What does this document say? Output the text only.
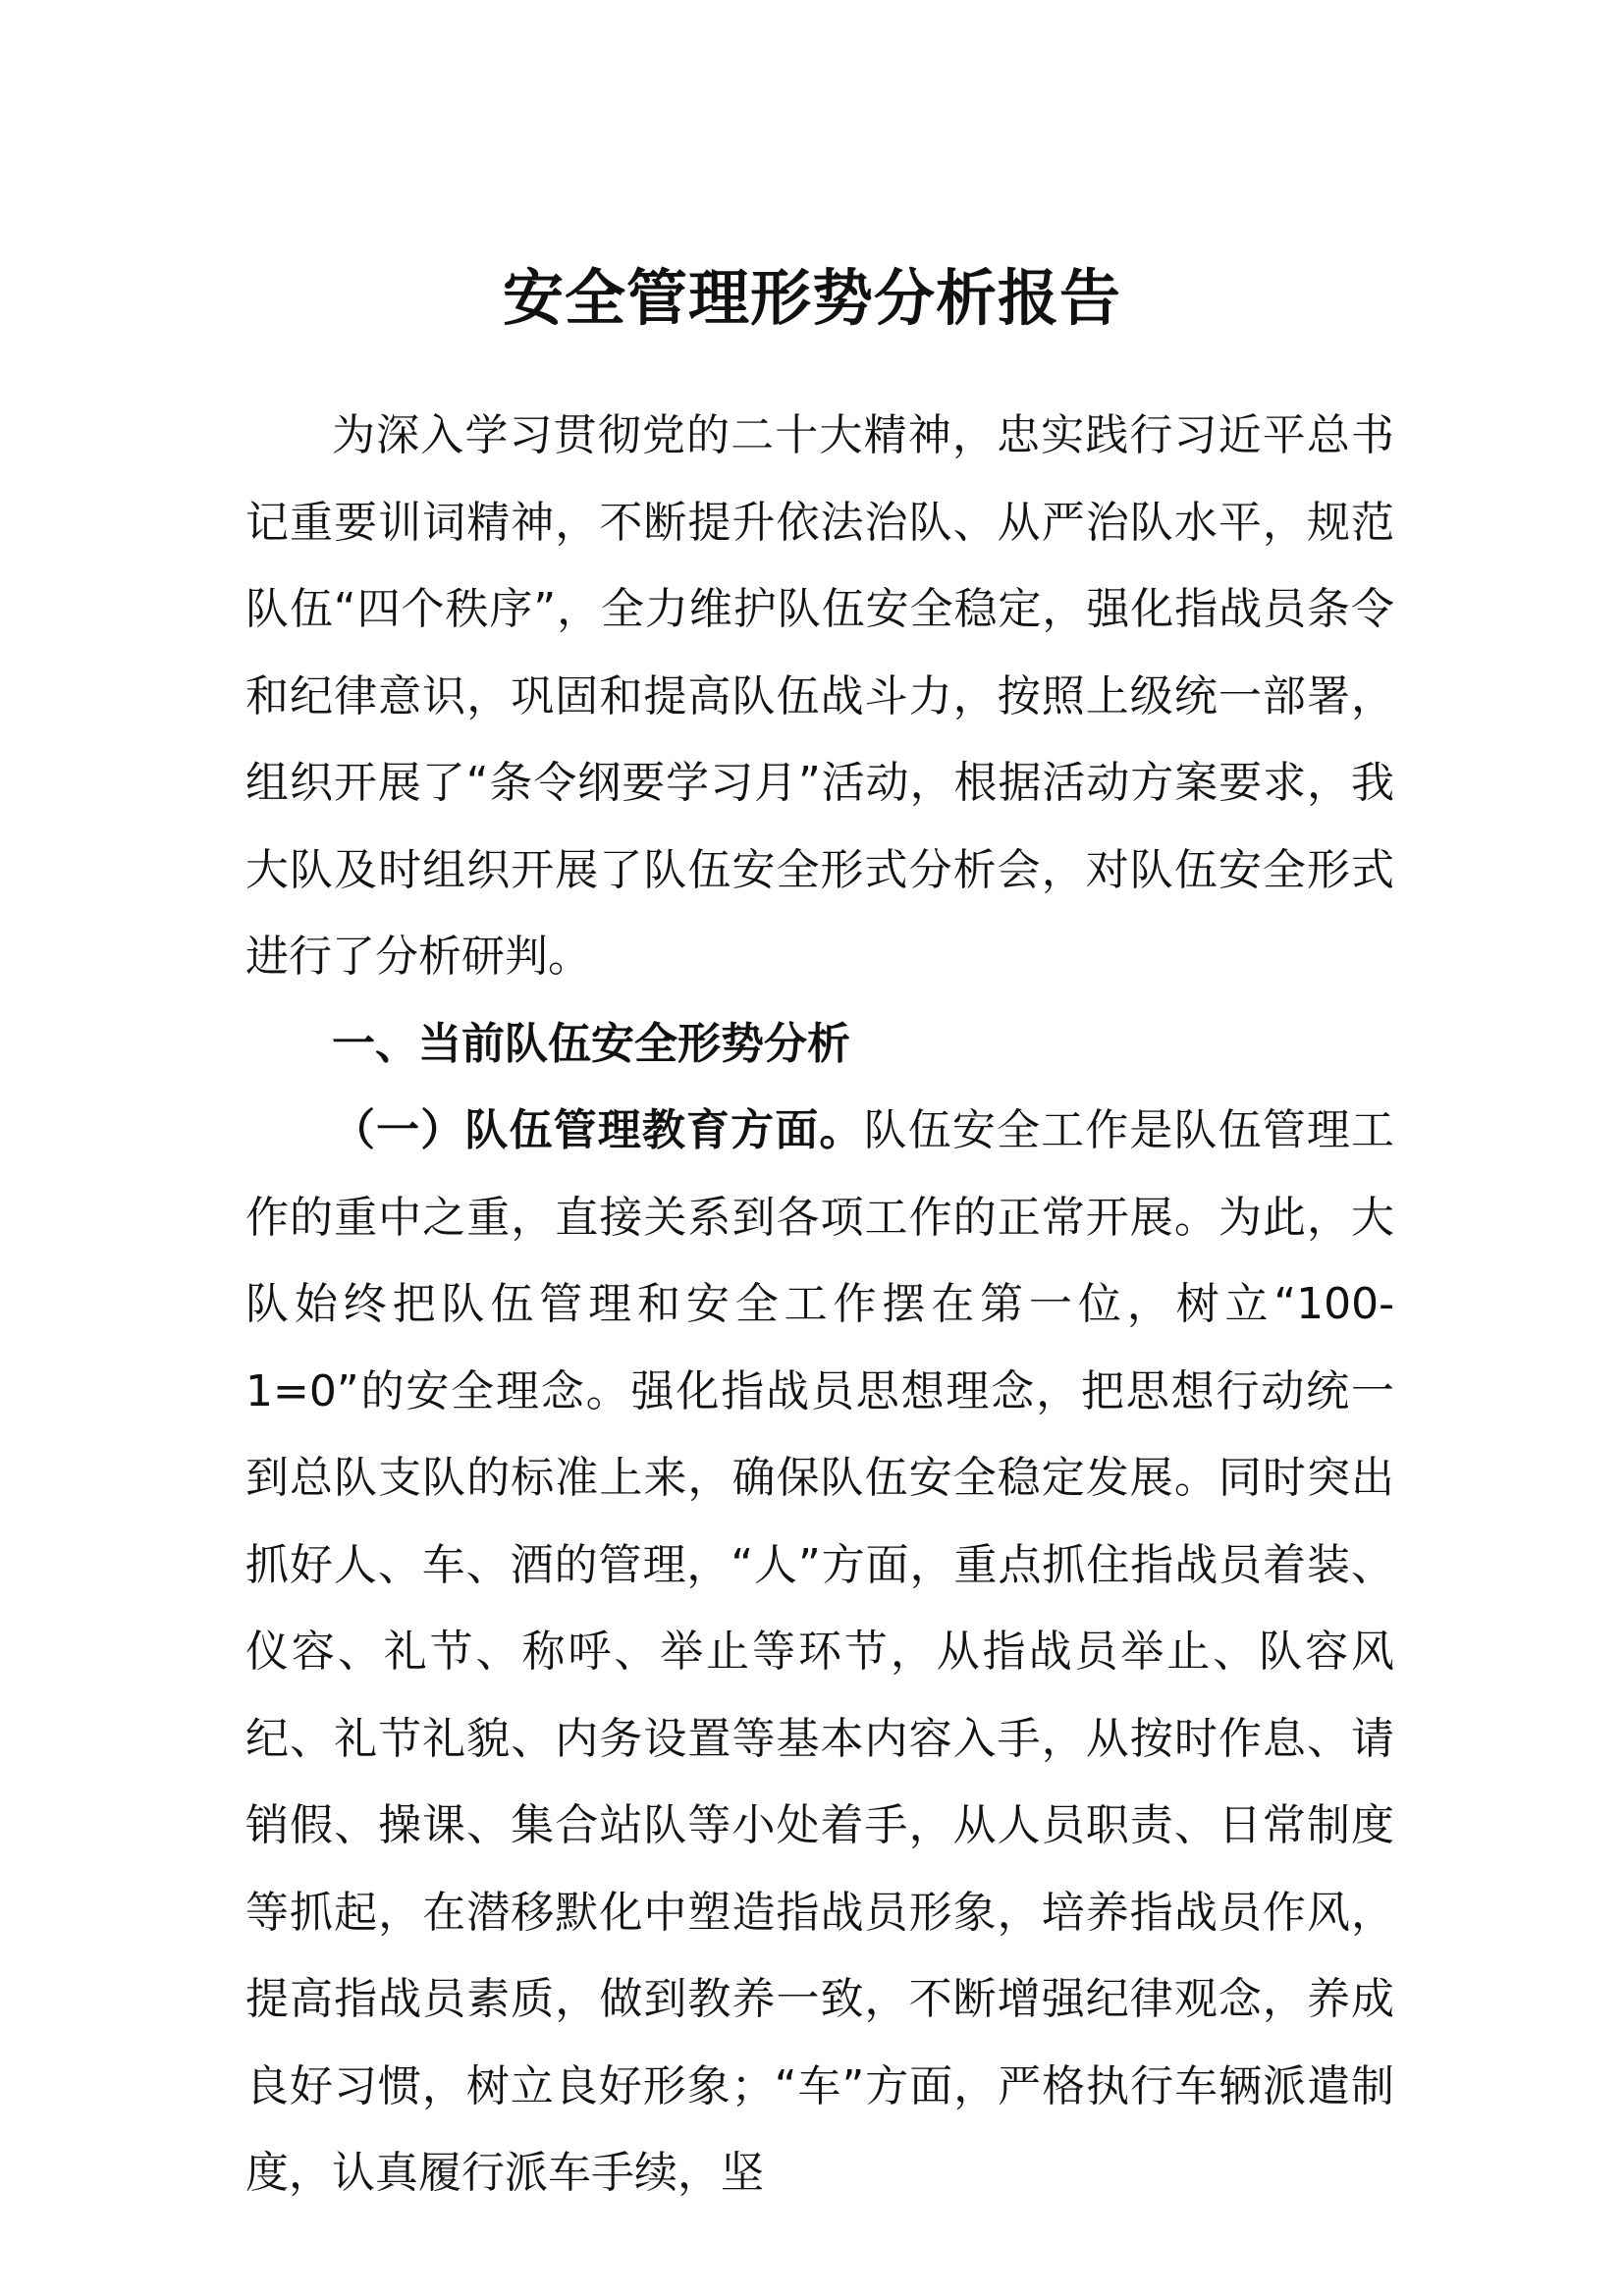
安全管理形势分析报告

为深入学习贯彻党的二十大精神，忠实践行习近平总书记重要训词精神，不断提升依法治队、从严治队水平，规范队伍“四个秩序”，全力维护队伍安全稳定，强化指战员条令和纪律意识，巩固和提高队伍战斗力，按照上级统一部署，组织开展了“条令纲要学习月”活动，根据活动方案要求，我大队及时组织开展了队伍安全形式分析会，对队伍安全形式进行了分析研判。

一、当前队伍安全形势分析

（一）队伍管理教育方面。队伍安全工作是队伍管理工作的重中之重，直接关系到各项工作的正常开展。为此，大队始终把队伍管理和安全工作摆在第一位，树立“100-1=0”的安全理念。强化指战员思想理念，把思想行动统一到总队支队的标准上来，确保队伍安全稳定发展。同时突出抓好人、车、酒的管理，“人”方面，重点抓住指战员着装、仪容、礼节、称呼、举止等环节，从指战员举止、队容风纪、礼节礼貌、内务设置等基本内容入手，从按时作息、请销假、操课、集合站队等小处着手，从人员职责、日常制度等抓起，在潜移默化中塑造指战员形象，培养指战员作风，提高指战员素质，做到教养一致，不断增强纪律观念，养成良好习惯，树立良好形象；“车”方面，严格执行车辆派遣制度，认真履行派车手续，坚
